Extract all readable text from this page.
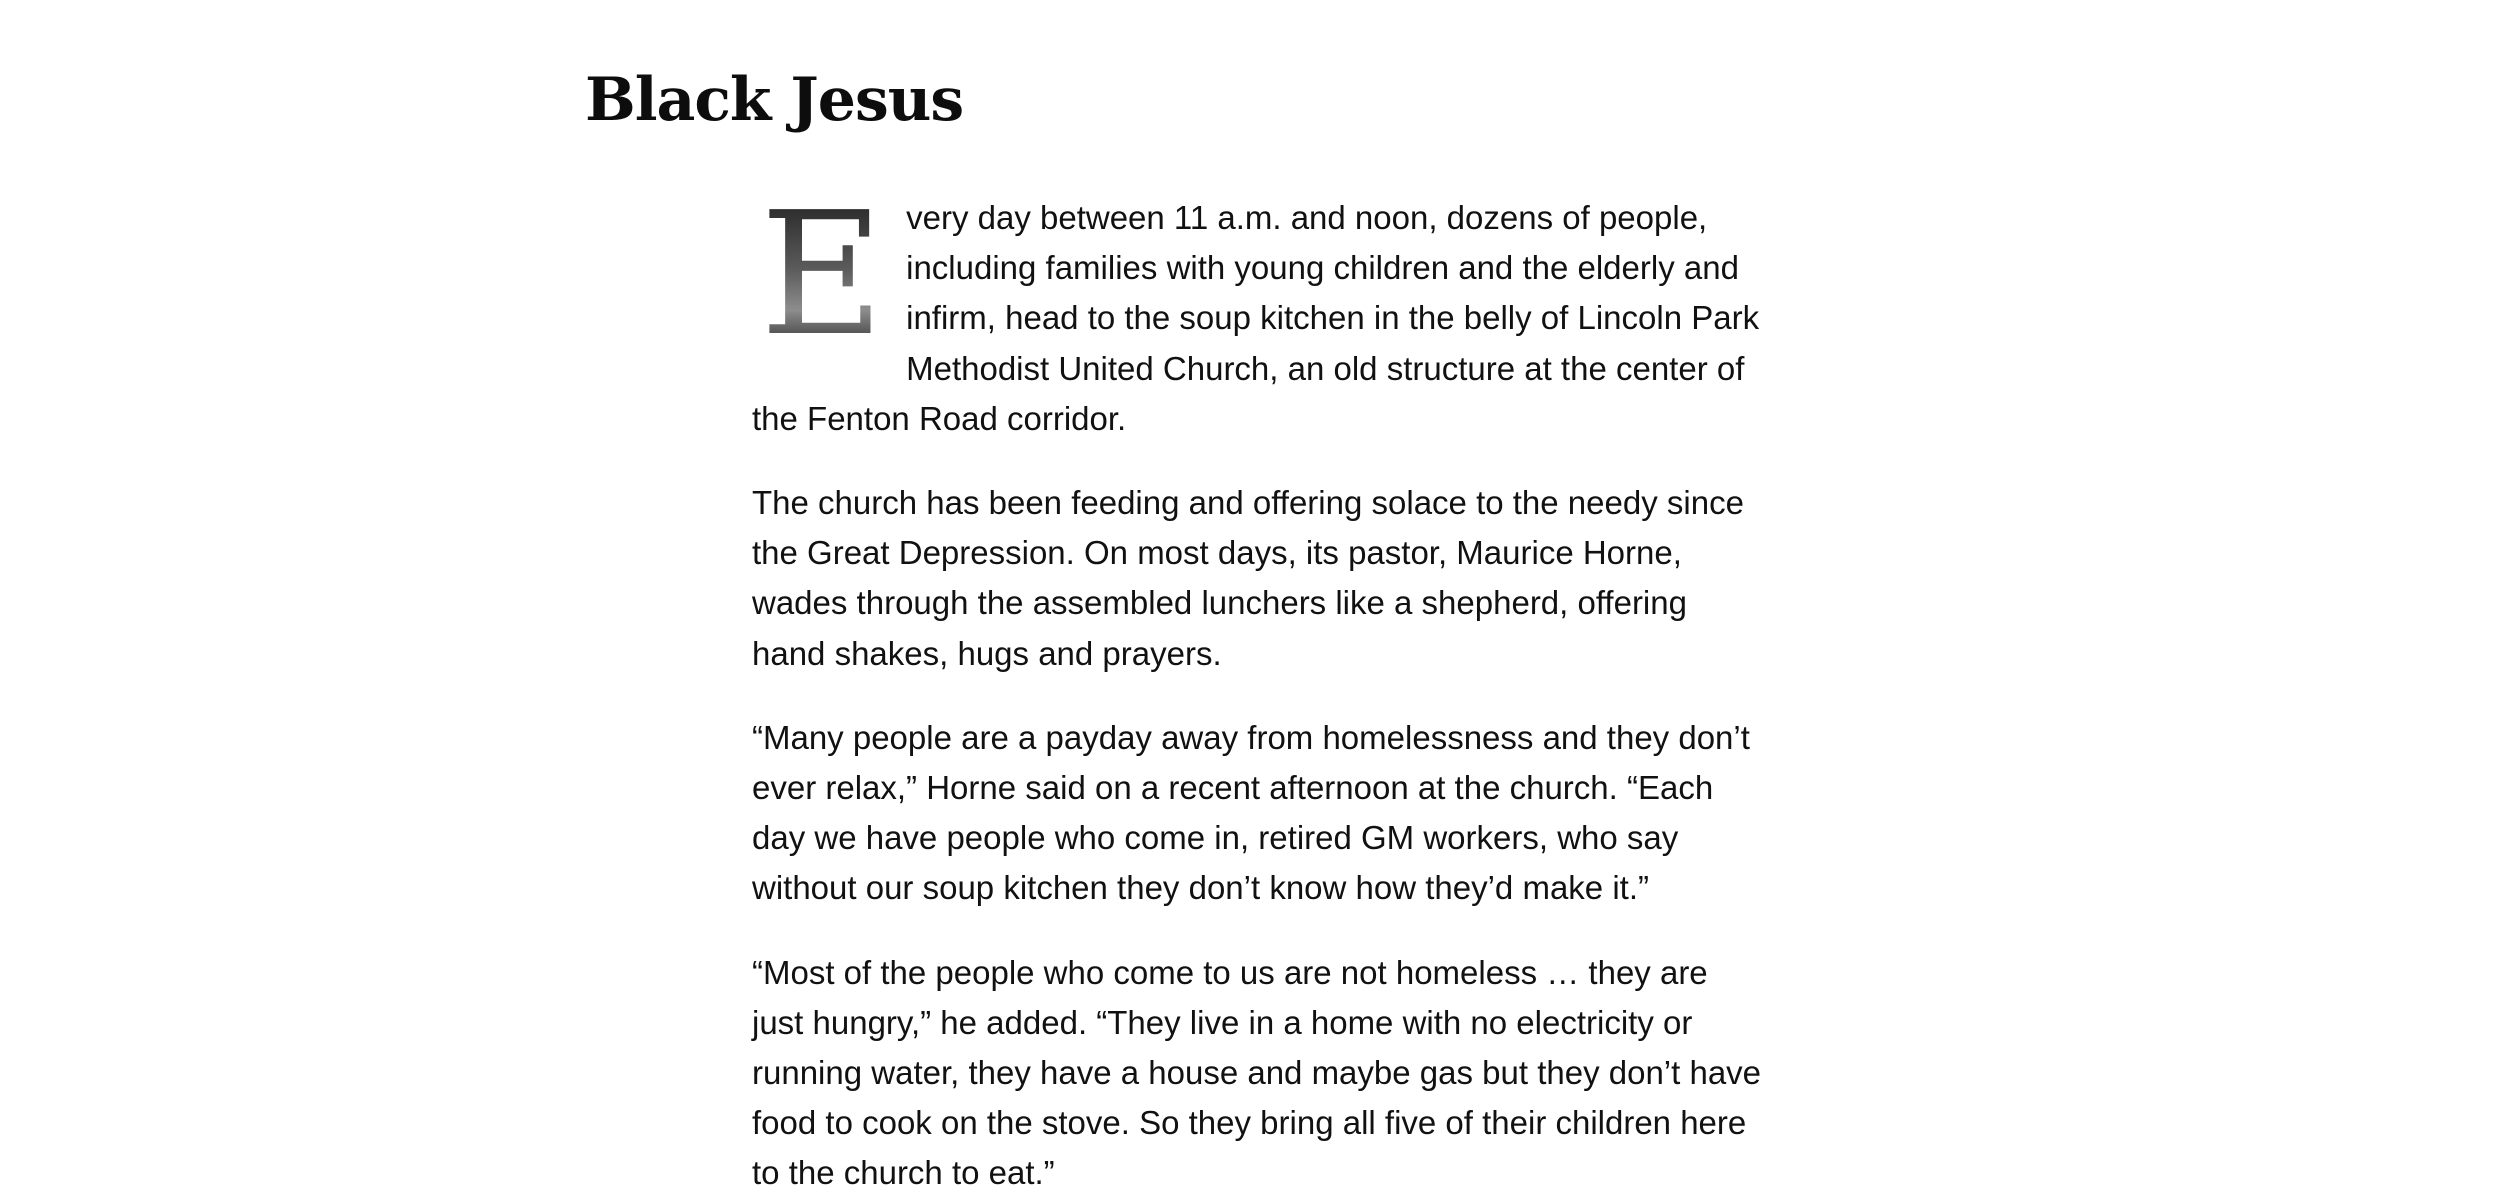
Black Jesus

E very day between 11 a.m. and noon, dozens of people, including families with young children and the elderly and infirm, head to the soup kitchen in the belly of Lincoln Park Methodist United Church, an old structure at the center of the Fenton Road corridor.

The church has been feeding and offering solace to the needy since the Great Depression. On most days, its pastor, Maurice Horne, wades through the assembled lunchers like a shepherd, offering hand shakes, hugs and prayers.

“Many people are a payday away from homelessness and they don’t ever relax,” Horne said on a recent afternoon at the church. “Each day we have people who come in, retired GM workers, who say without our soup kitchen they don’t know how they’d make it.”

“Most of the people who come to us are not homeless … they are just hungry,” he added. “They live in a home with no electricity or running water, they have a house and maybe gas but they don’t have food to cook on the stove. So they bring all five of their children here to the church to eat.”
